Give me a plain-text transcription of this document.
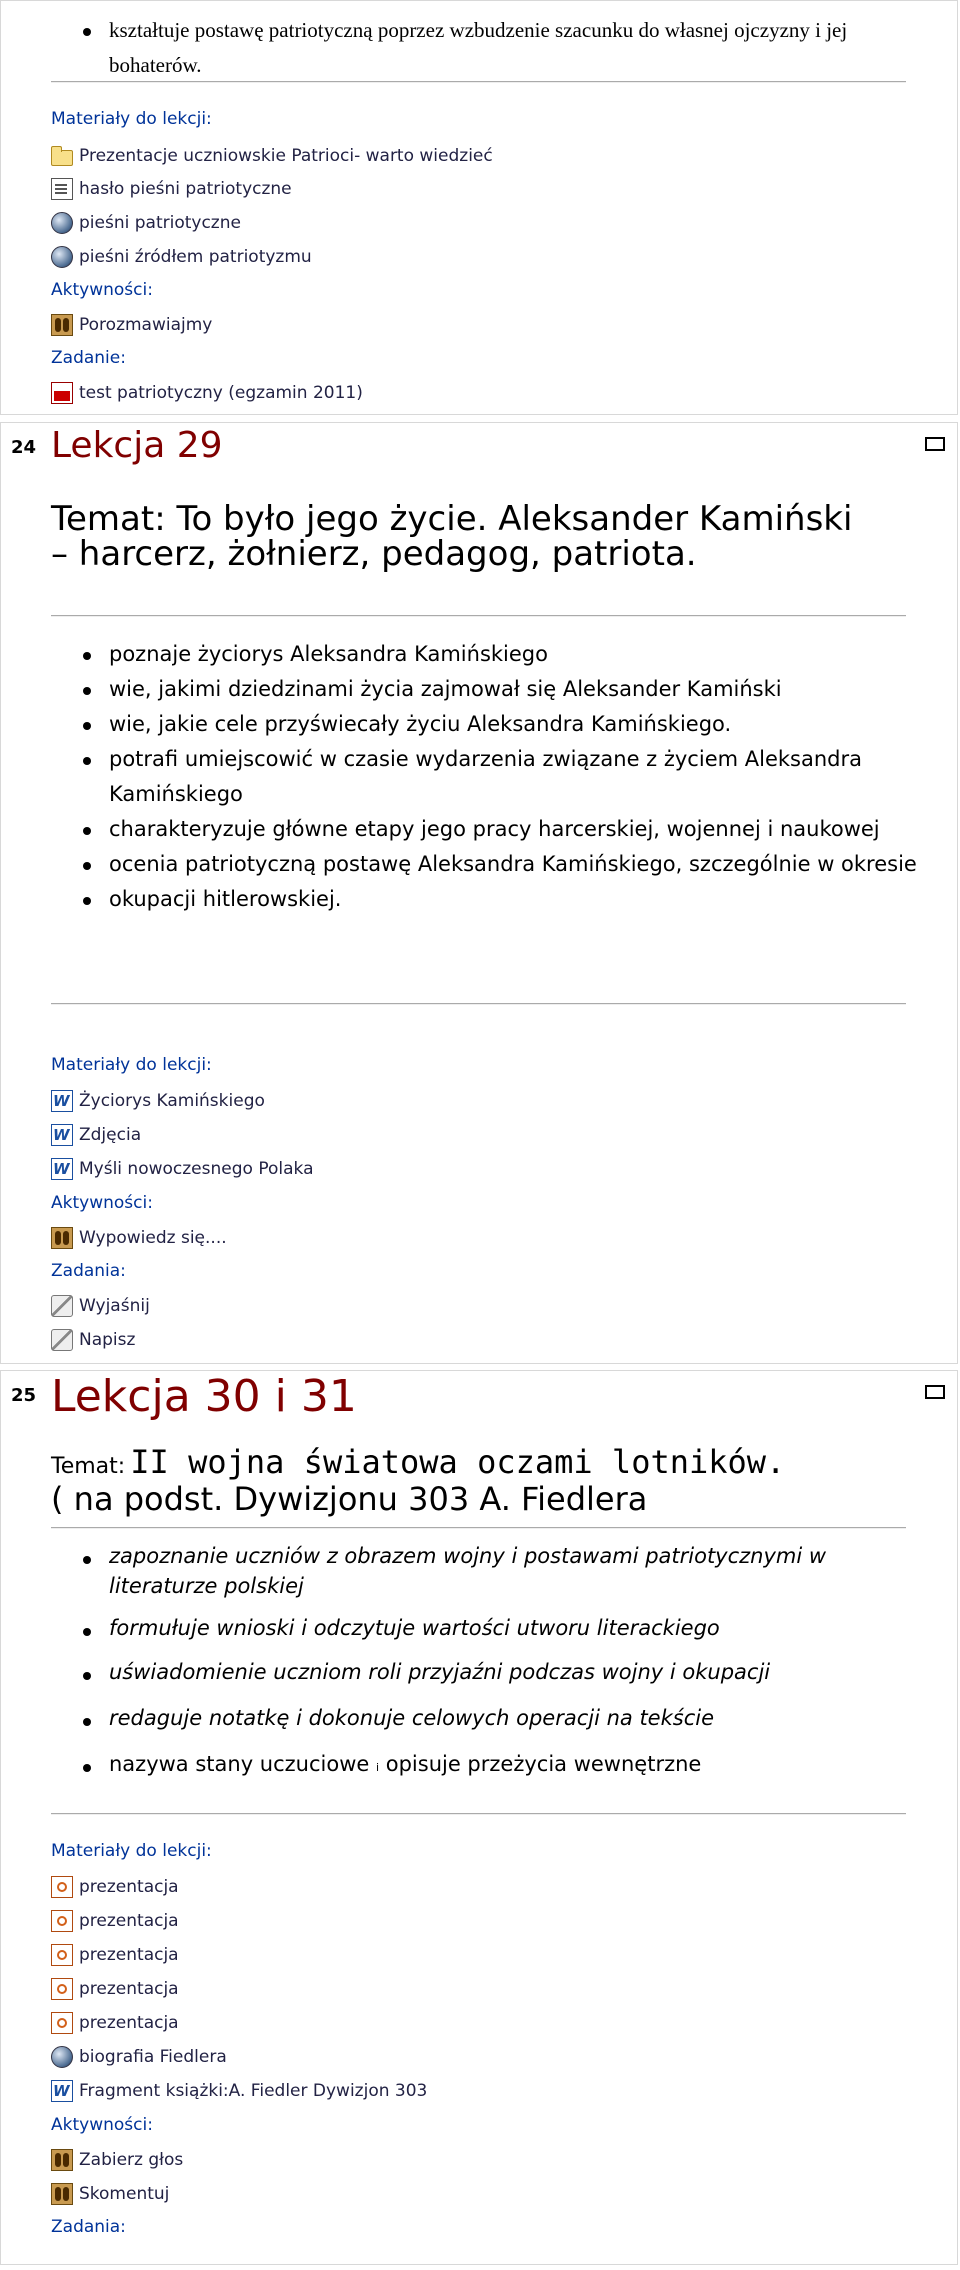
kształtuje postawę patriotyczną poprzez wzbudzenie szacunku do własnej ojczyzny i jej bohaterów.
Materiały do lekcji:
Prezentacje uczniowskie Patrioci- warto wiedzieć
hasło pieśni patriotyczne
pieśni patriotyczne
pieśni źródłem patriotyzmu
Aktywności:
Porozmawiajmy
Zadanie:
test patriotyczny (egzamin 2011)
24 Lekcja 29
Temat: To było jego życie. Aleksander Kamiński
– harcerz, żołnierz, pedagog, patriota.
poznaje życiorys Aleksandra Kamińskiego
wie, jakimi dziedzinami życia zajmował się Aleksander Kamiński
wie, jakie cele przyświecały życiu Aleksandra Kamińskiego.
potrafi umiejscowić w czasie wydarzenia związane z życiem Aleksandra Kamińskiego
charakteryzuje główne etapy jego pracy harcerskiej, wojennej i naukowej
ocenia patriotyczną postawę Aleksandra Kamińskiego, szczególnie w okresie
okupacji hitlerowskiej.
Materiały do lekcji:
W
Życiorys Kamińskiego
W
Zdjęcia
W
Myśli nowoczesnego Polaka
Aktywności:
Wypowiedz się....
Zadania:
Wyjaśnij
Napisz
25 Lekcja 30 i 31
Temat: II wojna światowa oczami lotników.
( na podst. Dywizjonu 303 A. Fiedlera
zapoznanie uczniów z obrazem wojny i postawami patriotycznymi w literaturze polskiej
formułuje wnioski i odczytuje wartości utworu literackiego
uświadomienie uczniom roli przyjaźni podczas wojny i okupacji
redaguje notatkę i dokonuje celowych operacji na tekście
nazywa stany uczuciowe i opisuje przeżycia wewnętrzne
Materiały do lekcji:
prezentacja
prezentacja
prezentacja
prezentacja
prezentacja
biografia Fiedlera
W
Fragment książki:A. Fiedler Dywizjon 303
Aktywności:
Zabierz głos
Skomentuj
Zadania:
